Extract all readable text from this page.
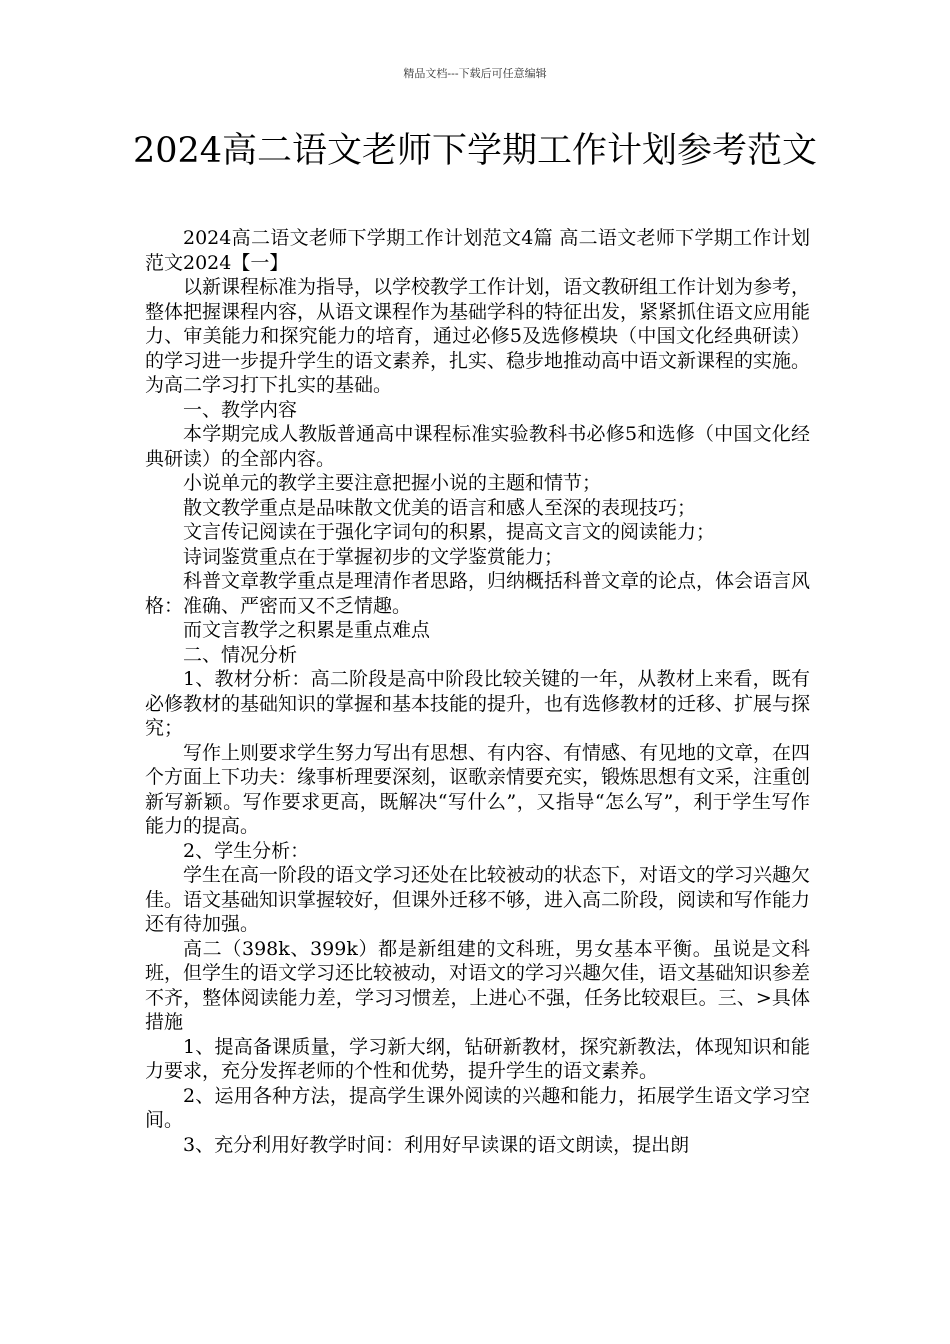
精品文档---下载后可任意编辑
2024高二语文老师下学期工作计划参考范文

2024高二语文老师下学期工作计划范文4篇 高二语文老师下学期工作计划范文2024【一】

以新课程标准为指导，以学校教学工作计划，语文教研组工作计划为参考，整体把握课程内容，从语文课程作为基础学科的特征出发，紧紧抓住语文应用能力、审美能力和探究能力的培育，通过必修5及选修模块（中国文化经典研读）的学习进一步提升学生的语文素养，扎实、稳步地推动高中语文新课程的实施。为高二学习打下扎实的基础。

一、教学内容

本学期完成人教版普通高中课程标准实验教科书必修5和选修（中国文化经典研读）的全部内容。

小说单元的教学主要注意把握小说的主题和情节；

散文教学重点是品味散文优美的语言和感人至深的表现技巧；

文言传记阅读在于强化字词句的积累，提高文言文的阅读能力；

诗词鉴赏重点在于掌握初步的文学鉴赏能力；

科普文章教学重点是理清作者思路，归纳概括科普文章的论点，体会语言风格：准确、严密而又不乏情趣。

而文言教学之积累是重点难点

二、情况分析

1、教材分析：高二阶段是高中阶段比较关键的一年，从教材上来看，既有必修教材的基础知识的掌握和基本技能的提升，也有选修教材的迁移、扩展与探究；

写作上则要求学生努力写出有思想、有内容、有情感、有见地的文章，在四个方面上下功夫：缘事析理要深刻，讴歌亲情要充实，锻炼思想有文采，注重创新写新颖。写作要求更高，既解决“写什么”，又指导“怎么写”，利于学生写作能力的提高。

2、学生分析：

学生在高一阶段的语文学习还处在比较被动的状态下，对语文的学习兴趣欠佳。语文基础知识掌握较好，但课外迁移不够，进入高二阶段，阅读和写作能力还有待加强。

高二（398k、399k）都是新组建的文科班，男女基本平衡。虽说是文科班，但学生的语文学习还比较被动，对语文的学习兴趣欠佳，语文基础知识参差不齐，整体阅读能力差，学习习惯差，上进心不强，任务比较艰巨。三、>具体措施

1、提高备课质量，学习新大纲，钻研新教材，探究新教法，体现知识和能力要求，充分发挥老师的个性和优势，提升学生的语文素养。

2、运用各种方法，提高学生课外阅读的兴趣和能力，拓展学生语文学习空间。

3、充分利用好教学时间：利用好早读课的语文朗读，提出朗
